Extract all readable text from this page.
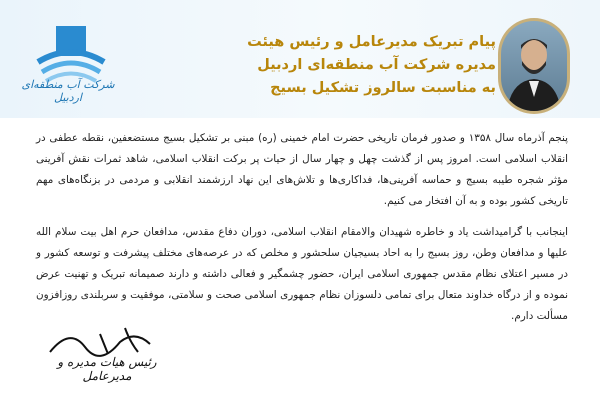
شرکت آب منطقه‌ای اردبیل
پیام تبریک مدیرعامل و رئیس هیئت
مدیره شرکت آب منطقه‌ای اردبیل
به مناسبت سالروز تشکیل بسیج

پنجم آذرماه سال ۱۳۵۸ و صدور فرمان تاریخی حضرت امام خمینی (ره) مبنی بر تشکیل بسیج مستضعفین، نقطه عطفی در انقلاب اسلامی است. امروز پس از گذشت چهل و چهار سال از حیات پر برکت انقلاب اسلامی، شاهد ثمرات نقش آفرینی مؤثر شجره طیبه بسیج و حماسه آفرینی‌ها، فداکاری‌ها و تلاش‌های این نهاد ارزشمند انقلابی و مردمی در بزنگاه‌های مهم تاریخی کشور بوده و به آن افتخار می کنیم.

اینجانب با گرامیداشت یاد و خاطره شهیدان والامقام انقلاب اسلامی، دوران دفاع مقدس، مدافعان حرم اهل بیت سلام الله علیها و مدافعان وطن، روز بسیج را به احاد بسیجیان سلحشور و مخلص که در عرصه‌های مختلف پیشرفت و توسعه کشور و در مسیر اعتلای نظام مقدس جمهوری اسلامی ایران، حضور چشمگیر و فعالی داشته و دارند صمیمانه تبریک و تهنیت عرض نموده و از درگاه خداوند متعال برای تمامی دلسوزان نظام جمهوری اسلامی صحت و سلامتی، موفقیت و سربلندی روزافزون مسألت دارم.

رئیس هیات مدیره و مدیرعامل
